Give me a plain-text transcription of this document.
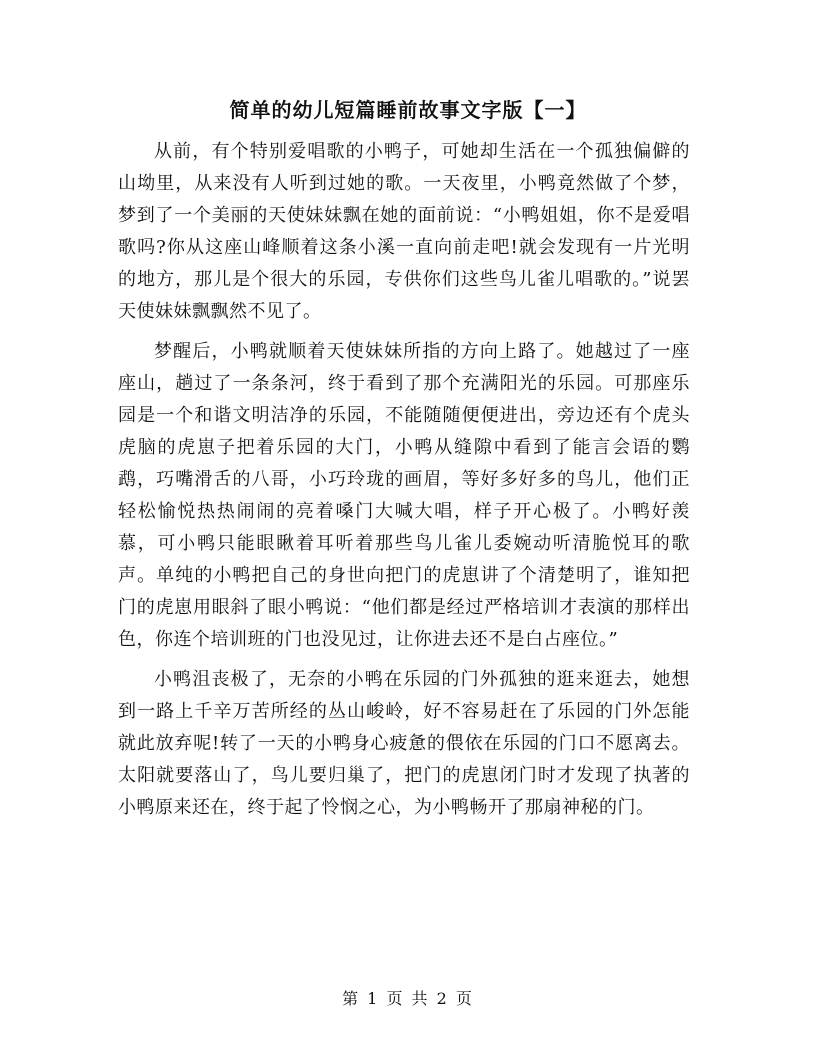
简单的幼儿短篇睡前故事文字版【一】

从前，有个特别爱唱歌的小鸭子，可她却生活在一个孤独偏僻的山坳里，从来没有人听到过她的歌。一天夜里，小鸭竟然做了个梦，梦到了一个美丽的天使妹妹飘在她的面前说：“小鸭姐姐，你不是爱唱歌吗?你从这座山峰顺着这条小溪一直向前走吧!就会发现有一片光明的地方，那儿是个很大的乐园，专供你们这些鸟儿雀儿唱歌的。”说罢天使妹妹飘飘然不见了。

梦醒后，小鸭就顺着天使妹妹所指的方向上路了。她越过了一座座山，趟过了一条条河，终于看到了那个充满阳光的乐园。可那座乐园是一个和谐文明洁净的乐园，不能随随便便进出，旁边还有个虎头虎脑的虎崽子把着乐园的大门，小鸭从缝隙中看到了能言会语的鹦鹉，巧嘴滑舌的八哥，小巧玲珑的画眉，等好多好多的鸟儿，他们正轻松愉悦热热闹闹的亮着嗓门大喊大唱，样子开心极了。小鸭好羡慕，可小鸭只能眼瞅着耳听着那些鸟儿雀儿委婉动听清脆悦耳的歌声。单纯的小鸭把自己的身世向把门的虎崽讲了个清楚明了，谁知把门的虎崽用眼斜了眼小鸭说：“他们都是经过严格培训才表演的那样出色，你连个培训班的门也没见过，让你进去还不是白占座位。”

小鸭沮丧极了，无奈的小鸭在乐园的门外孤独的逛来逛去，她想到一路上千辛万苦所经的丛山峻岭，好不容易赶在了乐园的门外怎能就此放弃呢!转了一天的小鸭身心疲惫的偎依在乐园的门口不愿离去。太阳就要落山了，鸟儿要归巢了，把门的虎崽闭门时才发现了执著的小鸭原来还在，终于起了怜悯之心，为小鸭畅开了那扇神秘的门。

第 1 页 共 2 页
